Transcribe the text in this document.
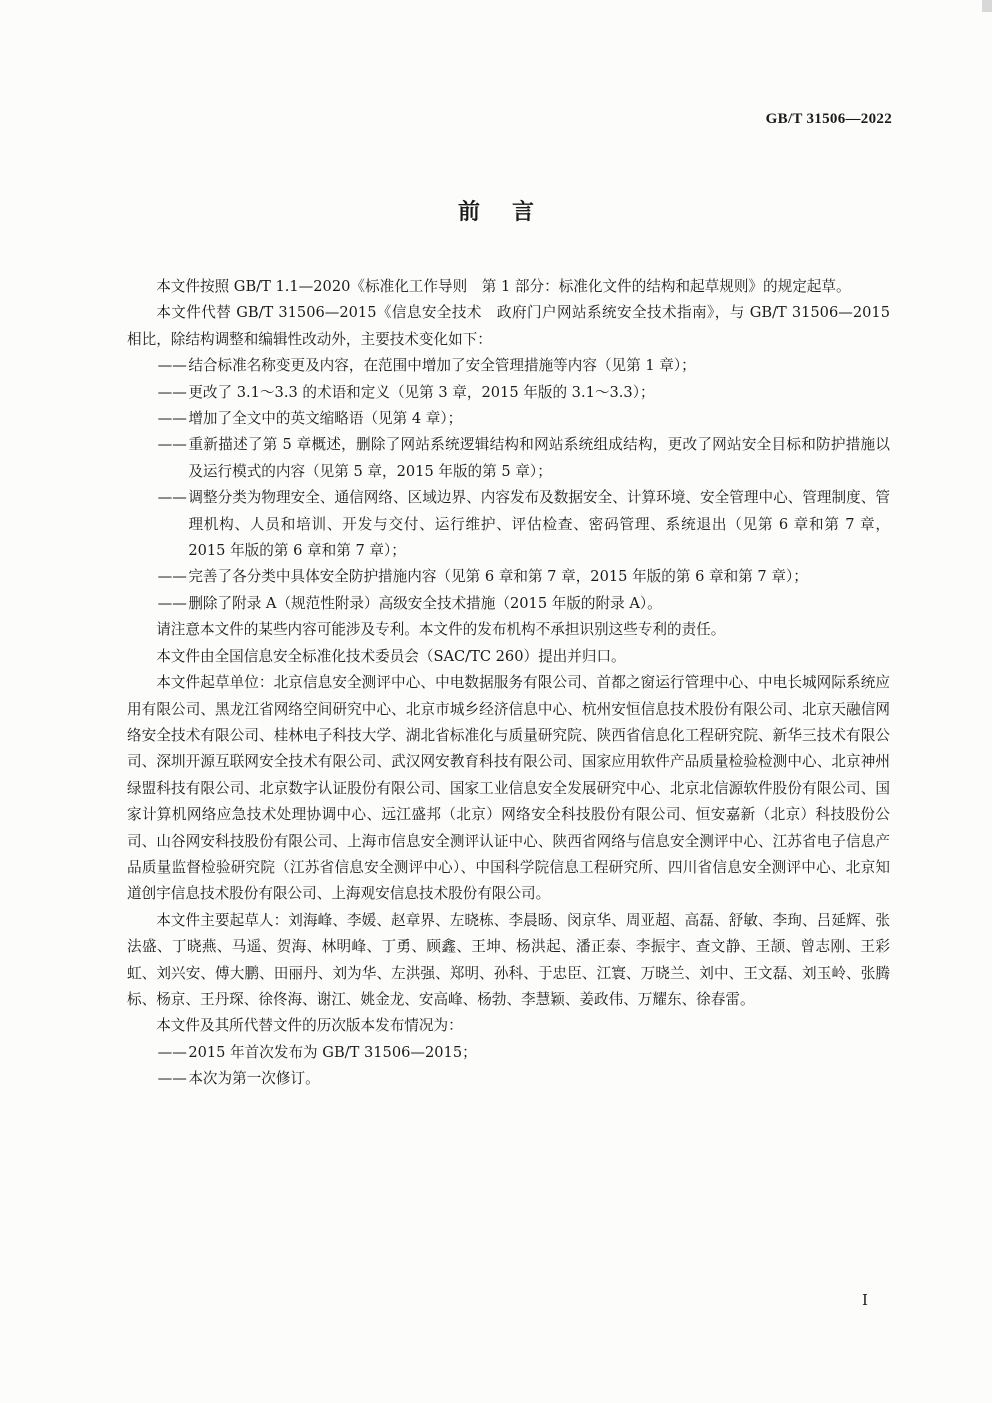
GB/T 31506—2022
前言

本文件按照 GB/T 1.1—2020《标准化工作导则　第 1 部分：标准化文件的结构和起草规则》的规定起草。

本文件代替 GB/T 31506—2015《信息安全技术　政府门户网站系统安全技术指南》，与 GB/T 31506—2015 相比，除结构调整和编辑性改动外，主要技术变化如下：

——结合标准名称变更及内容，在范围中增加了安全管理措施等内容（见第 1 章）；

——更改了 3.1～3.3 的术语和定义（见第 3 章，2015 年版的 3.1～3.3）；

——增加了全文中的英文缩略语（见第 4 章）；

——重新描述了第 5 章概述，删除了网站系统逻辑结构和网站系统组成结构，更改了网站安全目标和防护措施以及运行模式的内容（见第 5 章，2015 年版的第 5 章）；

——调整分类为物理安全、通信网络、区域边界、内容发布及数据安全、计算环境、安全管理中心、管理制度、管理机构、人员和培训、开发与交付、运行维护、评估检查、密码管理、系统退出（见第 6 章和第 7 章，2015 年版的第 6 章和第 7 章）；

——完善了各分类中具体安全防护措施内容（见第 6 章和第 7 章，2015 年版的第 6 章和第 7 章）；

——删除了附录 A（规范性附录）高级安全技术措施（2015 年版的附录 A）。

请注意本文件的某些内容可能涉及专利。本文件的发布机构不承担识别这些专利的责任。

本文件由全国信息安全标准化技术委员会（SAC/TC 260）提出并归口。

本文件起草单位：北京信息安全测评中心、中电数据服务有限公司、首都之窗运行管理中心、中电长城网际系统应用有限公司、黑龙江省网络空间研究中心、北京市城乡经济信息中心、杭州安恒信息技术股份有限公司、北京天融信网络安全技术有限公司、桂林电子科技大学、湖北省标准化与质量研究院、陕西省信息化工程研究院、新华三技术有限公司、深圳开源互联网安全技术有限公司、武汉网安教育科技有限公司、国家应用软件产品质量检验检测中心、北京神州绿盟科技有限公司、北京数字认证股份有限公司、国家工业信息安全发展研究中心、北京北信源软件股份有限公司、国家计算机网络应急技术处理协调中心、远江盛邦（北京）网络安全科技股份有限公司、恒安嘉新（北京）科技股份公司、山谷网安科技股份有限公司、上海市信息安全测评认证中心、陕西省网络与信息安全测评中心、江苏省电子信息产品质量监督检验研究院（江苏省信息安全测评中心）、中国科学院信息工程研究所、四川省信息安全测评中心、北京知道创宇信息技术股份有限公司、上海观安信息技术股份有限公司。

本文件主要起草人：刘海峰、李媛、赵章界、左晓栋、李晨旸、闵京华、周亚超、高磊、舒敏、李珣、吕延辉、张法盛、丁晓燕、马遥、贺海、林明峰、丁勇、顾鑫、王坤、杨洪起、潘正泰、李振宇、查文静、王颉、曾志刚、王彩虹、刘兴安、傅大鹏、田丽丹、刘为华、左洪强、郑明、孙科、于忠臣、江寰、万晓兰、刘中、王文磊、刘玉岭、张腾标、杨京、王丹琛、徐佟海、谢江、姚金龙、安高峰、杨勃、李慧颖、姜政伟、万耀东、徐春雷。

本文件及其所代替文件的历次版本发布情况为：

——2015 年首次发布为 GB/T 31506—2015；

——本次为第一次修订。

I
